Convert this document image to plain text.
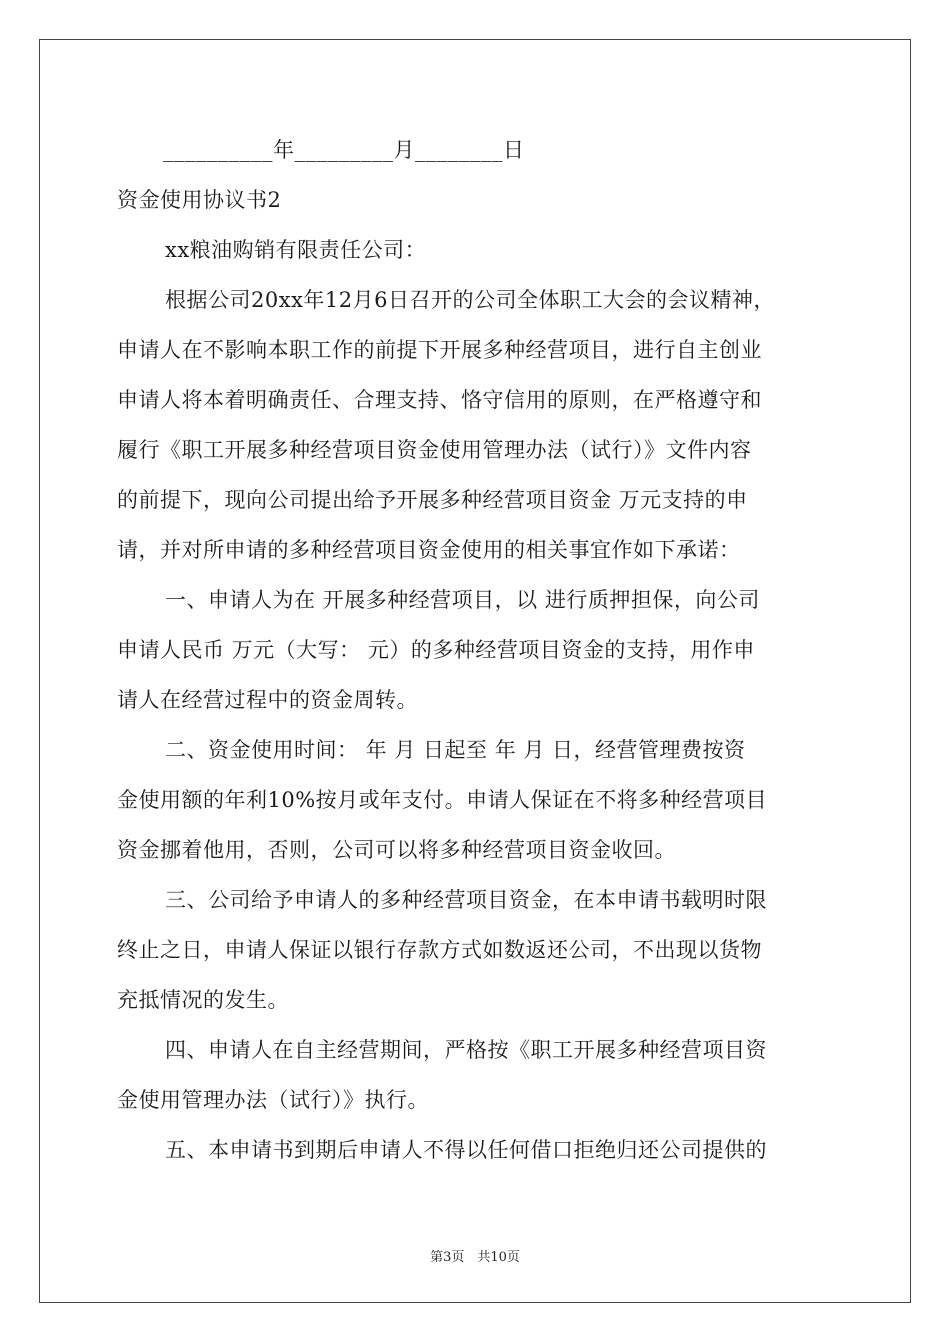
__________年_________月________日
资金使用协议书2
xx粮油购销有限责任公司：
根据公司20xx年12月6日召开的公司全体职工大会的会议精神，
申请人在不影响本职工作的前提下开展多种经营项目，进行自主创业
申请人将本着明确责任、合理支持、恪守信用的原则，在严格遵守和
履行《职工开展多种经营项目资金使用管理办法（试行）》文件内容
的前提下，现向公司提出给予开展多种经营项目资金 万元支持的申
请，并对所申请的多种经营项目资金使用的相关事宜作如下承诺：
一、申请人为在 开展多种经营项目，以 进行质押担保，向公司
申请人民币 万元（大写： 元）的多种经营项目资金的支持，用作申
请人在经营过程中的资金周转。
二、资金使用时间： 年 月 日起至 年 月 日，经营管理费按资
金使用额的年利10%按月或年支付。申请人保证在不将多种经营项目
资金挪着他用，否则，公司可以将多种经营项目资金收回。
三、公司给予申请人的多种经营项目资金，在本申请书载明时限
终止之日，申请人保证以银行存款方式如数返还公司，不出现以货物
充抵情况的发生。
四、申请人在自主经营期间，严格按《职工开展多种经营项目资
金使用管理办法（试行）》执行。
五、本申请书到期后申请人不得以任何借口拒绝归还公司提供的
第3页　共10页
